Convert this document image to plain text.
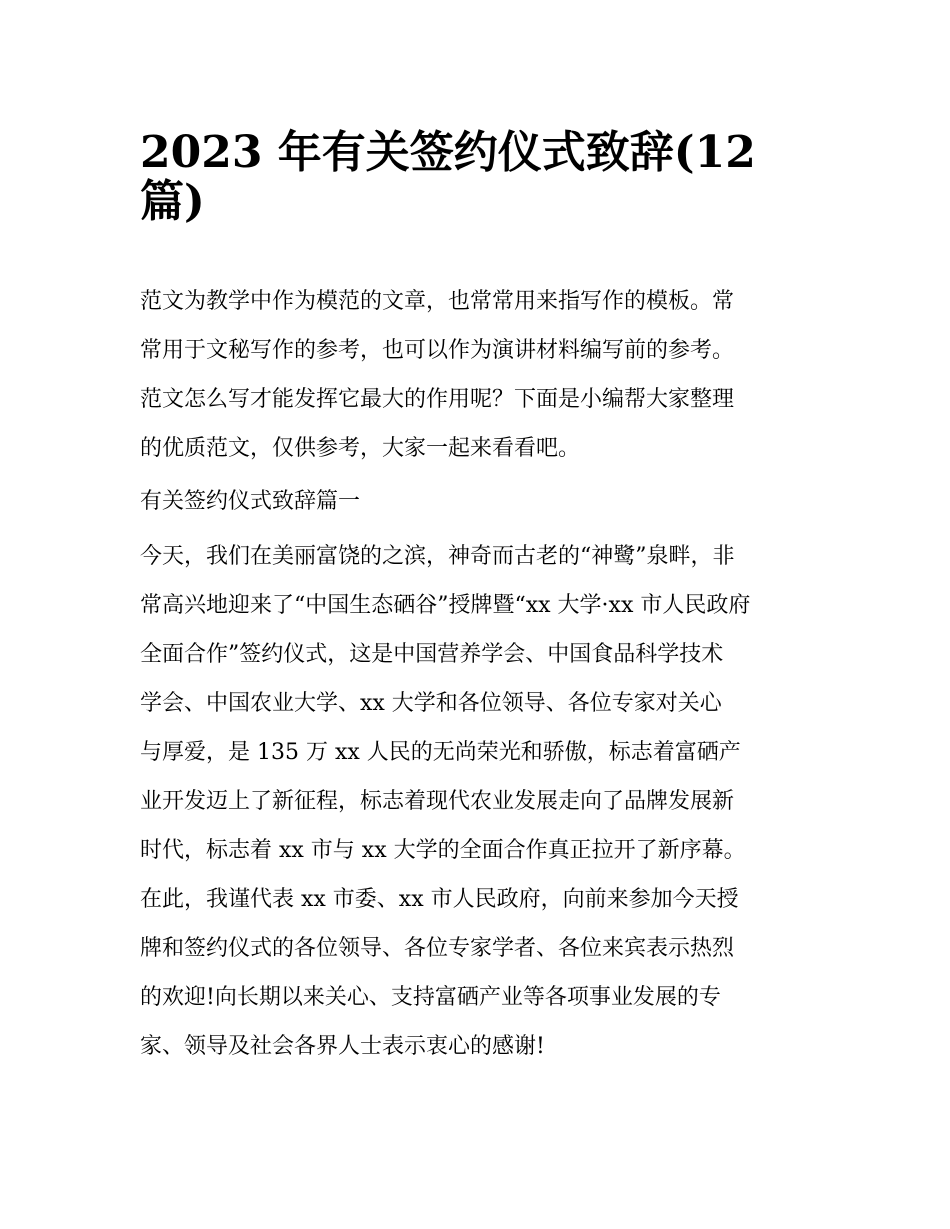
2023 年有关签约仪式致辞(12
篇)
范文为教学中作为模范的文章，也常常用来指写作的模板。常
常用于文秘写作的参考，也可以作为演讲材料编写前的参考。
范文怎么写才能发挥它最大的作用呢？下面是小编帮大家整理
的优质范文，仅供参考，大家一起来看看吧。
有关签约仪式致辞篇一
今天，我们在美丽富饶的之滨，神奇而古老的“神鹭”泉畔，非
常高兴地迎来了“中国生态硒谷”授牌暨“xx 大学·xx 市人民政府
全面合作”签约仪式，这是中国营养学会、中国食品科学技术
学会、中国农业大学、xx 大学和各位领导、各位专家对关心
与厚爱，是 135 万 xx 人民的无尚荣光和骄傲，标志着富硒产
业开发迈上了新征程，标志着现代农业发展走向了品牌发展新
时代，标志着 xx 市与 xx 大学的全面合作真正拉开了新序幕。
在此，我谨代表 xx 市委、xx 市人民政府，向前来参加今天授
牌和签约仪式的各位领导、各位专家学者、各位来宾表示热烈
的欢迎!向长期以来关心、支持富硒产业等各项事业发展的专
家、领导及社会各界人士表示衷心的感谢!
